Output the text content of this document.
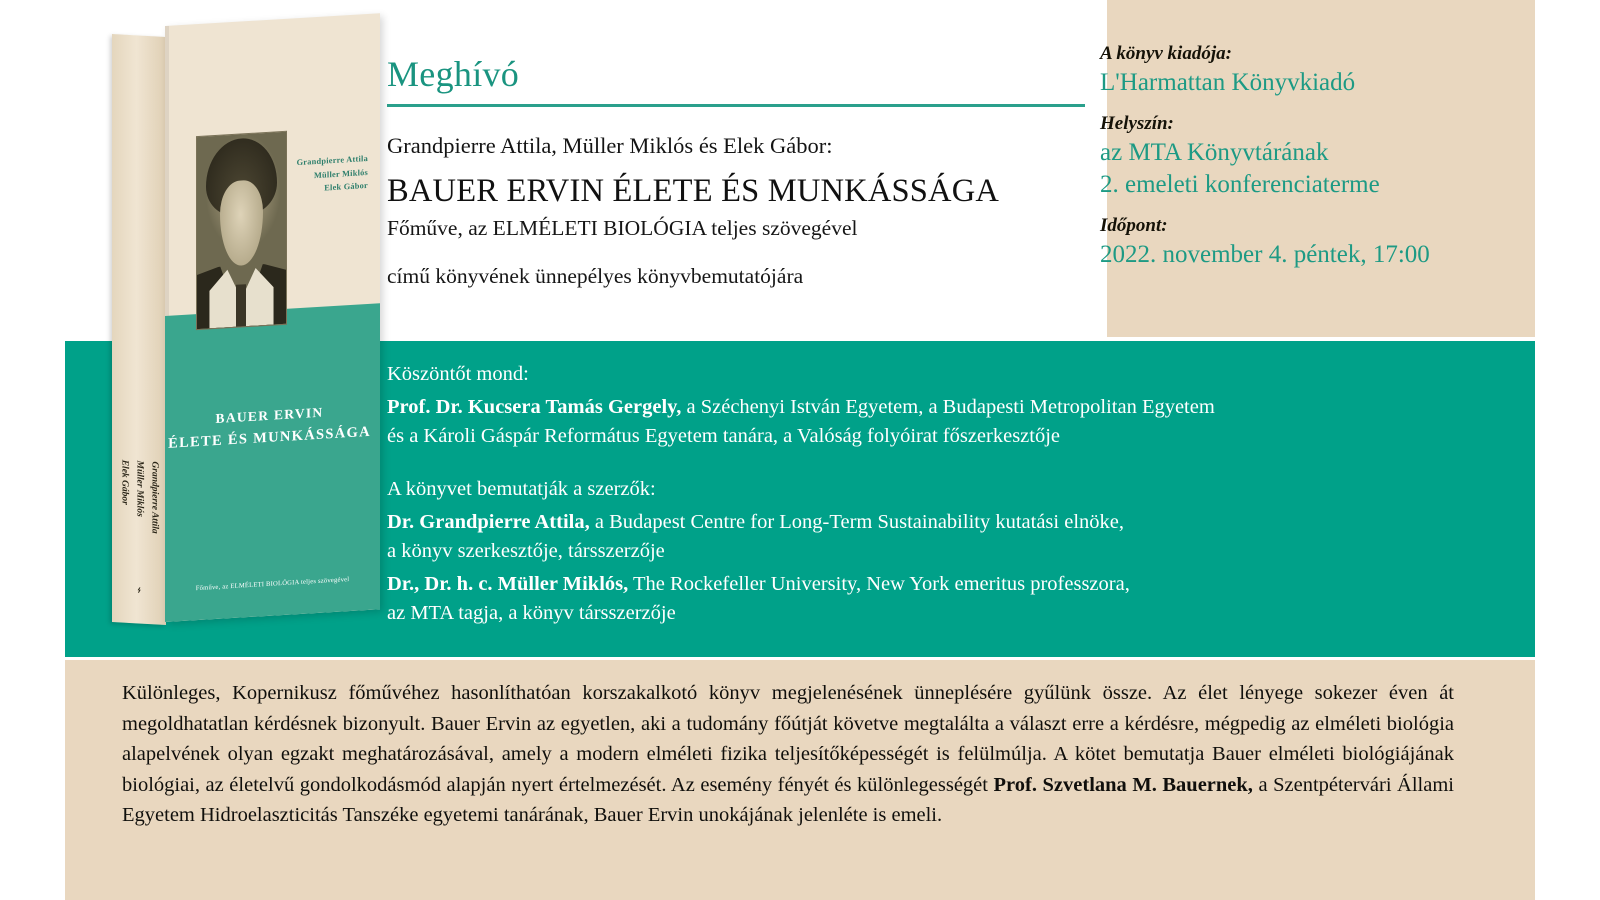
Grandpierre Attila
Müller Miklós
Elek Gábor
⌁
Grandpierre Attila
Müller Miklós
Elek Gábor
BAUER ERVIN
ÉLETE ÉS MUNKÁSSÁGA
Főműve, az ELMÉLETI BIOLÓGIA teljes szövegével
Meghívó
Grandpierre Attila, Müller Miklós és Elek Gábor:
BAUER ERVIN ÉLETE ÉS MUNKÁSSÁGA
Főműve, az ELMÉLETI BIOLÓGIA teljes szövegével
című könyvének ünnepélyes könyvbemutatójára
A könyv kiadója:
L'Harmattan Könyvkiadó
Helyszín:
az MTA Könyvtárának
2. emeleti konferenciaterme
Időpont:
2022. november 4. péntek, 17:00
Köszöntőt mond:
Prof. Dr. Kucsera Tamás Gergely, a Széchenyi István Egyetem, a Budapesti Metropolitan Egyetem
és a Károli Gáspár Református Egyetem tanára, a Valóság folyóirat főszerkesztője
A könyvet bemutatják a szerzők:
Dr. Grandpierre Attila, a Budapest Centre for Long-Term Sustainability kutatási elnöke,
a könyv szerkesztője, társszerzője
Dr., Dr. h. c. Müller Miklós, The Rockefeller University, New York emeritus professzora,
az MTA tagja, a könyv társszerzője
Különleges, Kopernikusz főművéhez hasonlíthatóan korszakalkotó könyv megjelenésének ünneplésére gyűlünk össze. Az élet lényege sokezer éven át megoldhatatlan kérdésnek bizonyult. Bauer Ervin az egyetlen, aki a tudomány főútját követve megtalálta a választ erre a kérdésre, mégpedig az elméleti biológia alapelvének olyan egzakt meghatározásával, amely a modern elméleti fizika teljesítőképességét is felülmúlja. A kötet bemutatja Bauer elméleti biológiájának biológiai, az életelvű gondolkodásmód alapján nyert értelmezését. Az esemény fényét és különlegességét Prof. Szvetlana M. Bauernek, a Szentpétervári Állami Egyetem Hidroelaszticitás Tanszéke egyetemi tanárának, Bauer Ervin unokájának jelenléte is emeli.
